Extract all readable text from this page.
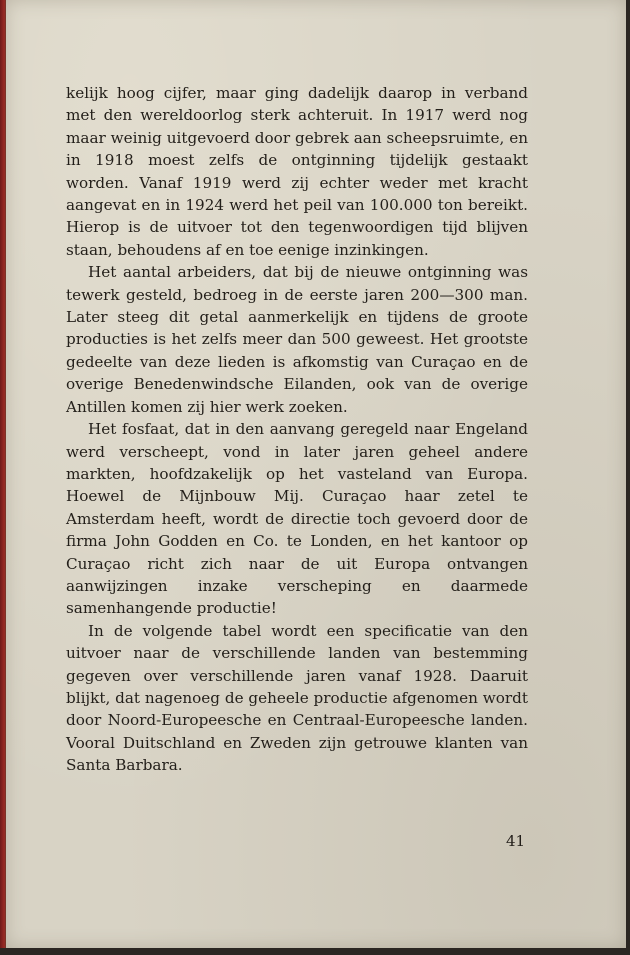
kelijk hoog cijfer, maar ging dadelijk daarop in verband met den wereldoorlog sterk achteruit. In 1917 werd nog maar weinig uitgevoerd door gebrek aan scheepsruimte, en in 1918 moest zelfs de ontginning tijdelijk gestaakt worden. Vanaf 1919 werd zij echter weder met kracht aangevat en in 1924 werd het peil van 100.000 ton bereikt. Hierop is de uitvoer tot den tegenwoordigen tijd blijven staan, behoudens af en toe eenige inzinkingen.

Het aantal arbeiders, dat bij de nieuwe ontginning was tewerk gesteld, bedroeg in de eerste jaren 200—300 man. Later steeg dit getal aanmerkelijk en tijdens de groote producties is het zelfs meer dan 500 geweest. Het grootste gedeelte van deze lieden is afkomstig van Curaçao en de overige Benedenwindsche Eilanden, ook van de overige Antillen komen zij hier werk zoeken.

Het fosfaat, dat in den aanvang geregeld naar Engeland werd verscheept, vond in later jaren geheel andere markten, hoofdzakelijk op het vasteland van Europa. Hoewel de Mijnbouw Mij. Curaçao haar zetel te Amsterdam heeft, wordt de directie toch gevoerd door de firma John Godden en Co. te Londen, en het kantoor op Curaçao richt zich naar de uit Europa ontvangen aanwijzingen inzake verscheping en daarmede samenhangende productie!

In de volgende tabel wordt een specificatie van den uitvoer naar de verschillende landen van bestemming gegeven over verschillende jaren vanaf 1928. Daaruit blijkt, dat nagenoeg de geheele productie afgenomen wordt door Noord-Europeesche en Centraal-Europeesche landen. Vooral Duitschland en Zweden zijn getrouwe klanten van Santa Barbara.

41
